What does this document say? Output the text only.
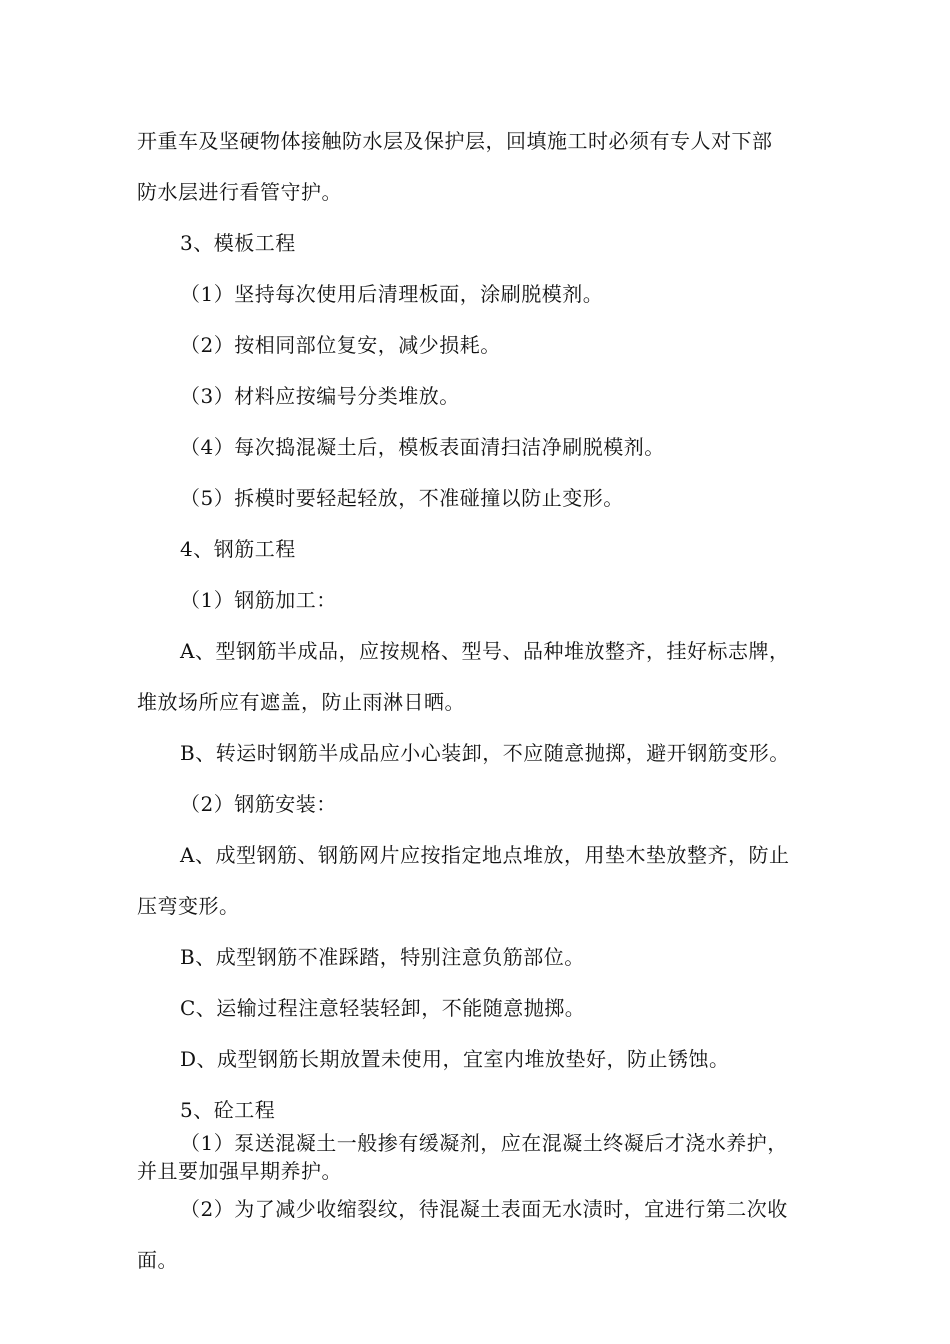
开重车及坚硬物体接触防水层及保护层，回填施工时必须有专人对下部
防水层进行看管守护。
3、模板工程
（1）坚持每次使用后清理板面，涂刷脱模剂。
（2）按相同部位复安，减少损耗。
（3）材料应按编号分类堆放。
（4）每次捣混凝土后，模板表面清扫洁净刷脱模剂。
（5）拆模时要轻起轻放，不准碰撞以防止变形。
4、钢筋工程
（1）钢筋加工：
A、型钢筋半成品，应按规格、型号、品种堆放整齐，挂好标志牌，
堆放场所应有遮盖，防止雨淋日晒。
B、转运时钢筋半成品应小心装卸，不应随意抛掷，避开钢筋变形。
（2）钢筋安装：
A、成型钢筋、钢筋网片应按指定地点堆放，用垫木垫放整齐，防止
压弯变形。
B、成型钢筋不准踩踏，特别注意负筋部位。
C、运输过程注意轻装轻卸，不能随意抛掷。
D、成型钢筋长期放置未使用，宜室内堆放垫好，防止锈蚀。
5、砼工程
（1）泵送混凝土一般掺有缓凝剂，应在混凝土终凝后才浇水养护，
并且要加强早期养护。
（2）为了减少收缩裂纹，待混凝土表面无水渍时，宜进行第二次收
面。
